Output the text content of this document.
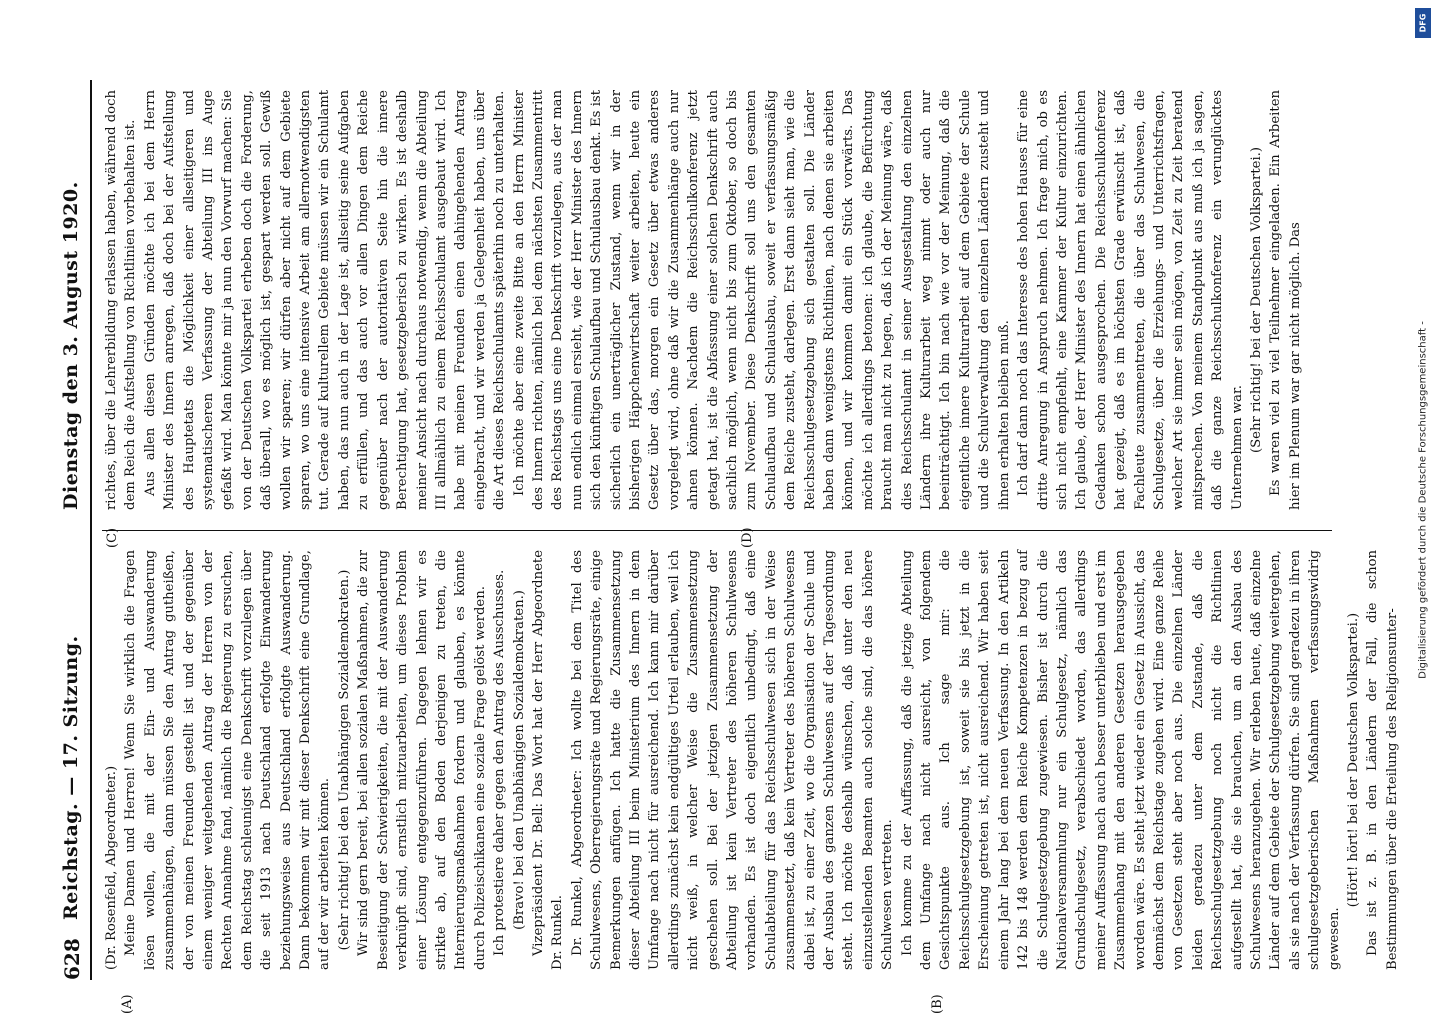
628
Reichstag. — 17. Sitzung.
Dienstag den 3. August 1920.

(Dr. Rosenfeld, Abgeordneter.) Meine Damen und Herren! Wenn Sie wirklich die Fragen lösen wollen, die mit der Ein- und Auswanderung zusammenhängen, dann müssen Sie den Antrag gutheißen, der von meinen Freunden gestellt ist und der gegenüber einem weniger weitgehenden Antrag der Herren von der Rechten Annahme fand, nämlich die Regierung zu ersuchen, dem Reichstag schleunigst eine Denkschrift vorzulegen über die seit 1913 nach Deutschland erfolgte Einwanderung beziehungsweise aus Deutschland erfolgte Auswanderung. Dann bekommen wir mit dieser Denkschrift eine Grundlage, auf der wir arbeiten können. (Sehr richtig! bei den Unabhängigen Sozialdemokraten.) Wir sind gern bereit, bei allen sozialen Maßnahmen, die zur Beseitigung der Schwierigkeiten, die mit der Auswanderung verknüpft sind, ernstlich mitzuarbeiten, um dieses Problem einer Lösung entgegenzuführen. Dagegen lehnen wir es strikte ab, auf den Boden derjenigen zu treten, die Internierungsmaßnahmen fordern und glauben, es könnte durch Polizeischikanen eine soziale Frage gelöst werden. Ich protestiere daher gegen den Antrag des Ausschusses. (Bravo! bei den Unabhängigen Sozialdemokraten.) Vizepräsident Dr. Bell: Das Wort hat der Herr Abgeordnete Dr. Runkel. Dr. Runkel, Abgeordneter: Ich wollte bei dem Titel des Schulwesens, Oberregierungsräte und Regierungsräte, einige Bemerkungen anfügen. Ich hatte die Zusammensetzung dieser Abteilung III beim Ministerium des Innern in dem Umfange nach nicht für ausreichend. Ich kann mir darüber allerdings zunächst kein endgültiges Urteil erlauben, weil ich nicht weiß, in welcher Weise die Zusammensetzung geschehen soll. Bei der jetzigen Zusammensetzung der Abteilung ist kein Vertreter des höheren Schulwesens vorhanden. Es ist doch eigentlich unbedingt, daß eine Schulabteilung für das Reichsschulwesen sich in der Weise zusammensetzt, daß kein Vertreter des höheren Schulwesens dabei ist, zu einer Zeit, wo die Organisation der Schule und der Ausbau des ganzen Schulwesens auf der Tagesordnung steht. Ich möchte deshalb wünschen, daß unter den neu einzustellenden Beamten auch solche sind, die das höhere Schulwesen vertreten. Ich komme zu der Auffassung, daß die jetzige Abteilung dem Umfange nach nicht ausreicht, von folgendem Gesichtspunkte aus. Ich sage mir: die Reichsschulgesetzgebung ist, soweit sie bis jetzt in die Erscheinung getreten ist, nicht ausreichend. Wir haben seit einem Jahr lang bei dem neuen Verfassung. In den Artikeln 142 bis 148 werden dem Reiche Kompetenzen in bezug auf die Schulgesetzgebung zugewiesen. Bisher ist durch die Nationalversammlung nur ein Schulgesetz, nämlich das Grundschulgesetz, verabschiedet worden, das allerdings meiner Auffassung nach auch besser unterblieben und erst im Zusammenhang mit den anderen Gesetzen herausgegeben worden wäre. Es steht jetzt wieder ein Gesetz in Aussicht, das demnächst dem Reichstage zugehen wird. Eine ganze Reihe von Gesetzen steht aber noch aus. Die einzelnen Länder leiden geradezu unter dem Zustande, daß die Reichsschulgesetzgebung noch nicht die Richtlinien aufgestellt hat, die sie brauchen, um an den Ausbau des Schulwesens heranzugehen. Wir erleben heute, daß einzelne Länder auf dem Gebiete der Schulgesetzgebung weitergehen, als sie nach der Verfassung dürfen. Sie sind geradezu in ihren schulgesetzgeberischen Maßnahmen verfassungswidrig gewesen.

(Hört! hört! bei der Deutschen Volkspartei.) Das ist z. B. in den Ländern der Fall, die schon Bestimmungen über die Erteilung des Religionsunter-

richtes, über die Lehrerbildung erlassen haben, während doch dem Reich die Aufstellung von Richtlinien vorbehalten ist. Aus allen diesen Gründen möchte ich bei dem Herrn Minister des Innern anregen, daß doch bei der Aufstellung des Hauptetats die Möglichkeit einer allseitigeren und systematischeren Verfassung der Abteilung III ins Auge gefaßt wird. Man könnte mir ja nun den Vorwurf machen: Sie von der Deutschen Volkspartei erheben doch die Forderung, daß überall, wo es möglich ist, gespart werden soll. Gewiß wollen wir sparen; wir dürfen aber nicht auf dem Gebiete sparen, wo uns eine intensive Arbeit am allernotwendigsten tut. Gerade auf kulturellem Gebiete müssen wir ein Schulamt haben, das nun auch in der Lage ist, allseitig seine Aufgaben zu erfüllen, und das auch vor allen Dingen dem Reiche gegenüber nach der autoritativen Seite hin die innere Berechtigung hat, gesetzgeberisch zu wirken. Es ist deshalb meiner Ansicht nach durchaus notwendig, wenn die Abteilung III allmählich zu einem Reichsschulamt ausgebaut wird. Ich habe mit meinen Freunden einen dahingehenden Antrag eingebracht, und wir werden ja Gelegenheit haben, uns über die Art dieses Reichsschulamts späterhin noch zu unterhalten. Ich möchte aber eine zweite Bitte an den Herrn Minister des Innern richten, nämlich bei dem nächsten Zusammentritt des Reichstags uns eine Denkschrift vorzulegen, aus der man nun endlich einmal ersieht, wie der Herr Minister des Innern sich den künftigen Schulaufbau und Schulausbau denkt. Es ist sicherlich ein unerträglicher Zustand, wenn wir in der bisherigen Häppchenwirtschaft weiter arbeiten, heute ein Gesetz über das, morgen ein Gesetz über etwas anderes vorgelegt wird, ohne daß wir die Zusammenhänge auch nur ahnen können. Nachdem die Reichsschulkonferenz jetzt getagt hat, ist die Abfassung einer solchen Denkschrift auch sachlich möglich, wenn nicht bis zum Oktober, so doch bis zum November. Diese Denkschrift soll uns den gesamten Schulaufbau und Schulausbau, soweit er verfassungsmäßig dem Reiche zusteht, darlegen. Erst dann sieht man, wie die Reichsschulgesetzgebung sich gestalten soll. Die Länder haben dann wenigstens Richtlinien, nach denen sie arbeiten können, und wir kommen damit ein Stück vorwärts. Das möchte ich allerdings betonen: ich glaube, die Befürchtung braucht man nicht zu hegen, daß ich der Meinung wäre, daß dies Reichsschulamt in seiner Ausgestaltung den einzelnen Ländern ihre Kulturarbeit weg nimmt oder auch nur beeinträchtigt. Ich bin nach wie vor der Meinung, daß die eigentliche innere Kulturarbeit auf dem Gebiete der Schule und die Schulverwaltung den einzelnen Ländern zusteht und ihnen erhalten bleiben muß. Ich darf dann noch das Interesse des hohen Hauses für eine dritte Anregung in Anspruch nehmen. Ich frage mich, ob es sich nicht empfiehlt, eine Kammer der Kultur einzurichten. Ich glaube, der Herr Minister des Innern hat einen ähnlichen Gedanken schon ausgesprochen. Die Reichsschulkonferenz hat gezeigt, daß es im höchsten Grade erwünscht ist, daß Fachleute zusammentreten, die über das Schulwesen, die Schulgesetze, über die Erziehungs- und Unterrichtsfragen, welcher Art sie immer sein mögen, von Zeit zu Zeit beratend mitsprechen. Von meinem Standpunkt aus muß ich ja sagen, daß die ganze Reichsschulkonferenz ein verunglücktes Unternehmen war. (Sehr richtig! bei der Deutschen Volkspartei.) Es waren viel zu viel Teilnehmer eingeladen. Ein Arbeiten hier im Plenum war gar nicht möglich. Das

(A)	(B)
(C)	(D)
DFG
Digitalisierung gefördert durch die Deutsche Forschungsgemeinschaft -
